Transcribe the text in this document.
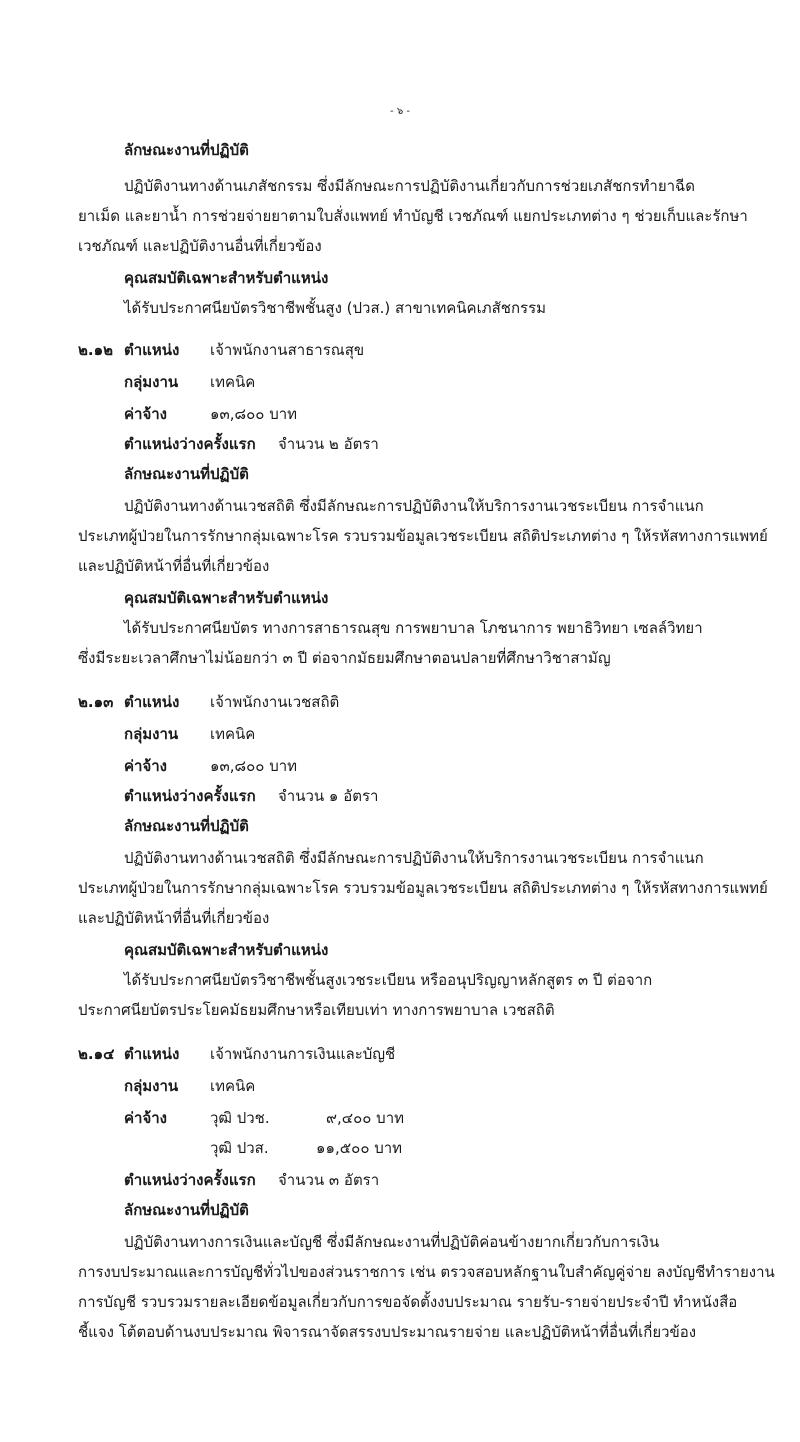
- ๖ -
ลักษณะงานที่ปฏิบัติ
ปฏิบัติงานทางด้านเภสัชกรรม ซึ่งมีลักษณะการปฏิบัติงานเกี่ยวกับการช่วยเภสัชกรทำยาฉีด
ยาเม็ด และยาน้ำ การช่วยจ่ายยาตามใบสั่งแพทย์ ทำบัญชี เวชภัณฑ์ แยกประเภทต่าง ๆ ช่วยเก็บและรักษา
เวชภัณฑ์ และปฏิบัติงานอื่นที่เกี่ยวข้อง
คุณสมบัติเฉพาะสำหรับตำแหน่ง
ได้รับประกาศนียบัตรวิชาชีพชั้นสูง (ปวส.) สาขาเทคนิคเภสัชกรรม
๒.๑๒ ตำแหน่ง เจ้าพนักงานสาธารณสุข
กลุ่มงาน เทคนิค
ค่าจ้าง	๑๓,๘๐๐ บาท
ตำแหน่งว่างครั้งแรก จำนวน ๒ อัตรา
ลักษณะงานที่ปฏิบัติ
ปฏิบัติงานทางด้านเวชสถิติ ซึ่งมีลักษณะการปฏิบัติงานให้บริการงานเวชระเบียน การจำแนก
ประเภทผู้ป่วยในการรักษากลุ่มเฉพาะโรค รวบรวมข้อมูลเวชระเบียน สถิติประเภทต่าง ๆ ให้รหัสทางการแพทย์
และปฏิบัติหน้าที่อื่นที่เกี่ยวข้อง
คุณสมบัติเฉพาะสำหรับตำแหน่ง
ได้รับประกาศนียบัตร ทางการสาธารณสุข การพยาบาล โภชนาการ พยาธิวิทยา เซลล์วิทยา
ซึ่งมีระยะเวลาศึกษาไม่น้อยกว่า ๓ ปี ต่อจากมัธยมศึกษาตอนปลายที่ศึกษาวิชาสามัญ
๒.๑๓ ตำแหน่ง เจ้าพนักงานเวชสถิติ
กลุ่มงาน เทคนิค
ค่าจ้าง	๑๓,๘๐๐ บาท
ตำแหน่งว่างครั้งแรก จำนวน ๑ อัตรา
ลักษณะงานที่ปฏิบัติ
ปฏิบัติงานทางด้านเวชสถิติ ซึ่งมีลักษณะการปฏิบัติงานให้บริการงานเวชระเบียน การจำแนก
ประเภทผู้ป่วยในการรักษากลุ่มเฉพาะโรค รวบรวมข้อมูลเวชระเบียน สถิติประเภทต่าง ๆ ให้รหัสทางการแพทย์
และปฏิบัติหน้าที่อื่นที่เกี่ยวข้อง
คุณสมบัติเฉพาะสำหรับตำแหน่ง
ได้รับประกาศนียบัตรวิชาชีพชั้นสูงเวชระเบียน หรืออนุปริญญาหลักสูตร ๓ ปี ต่อจาก
ประกาศนียบัตรประโยคมัธยมศึกษาหรือเทียบเท่า ทางการพยาบาล เวชสถิติ
๒.๑๔ ตำแหน่ง เจ้าพนักงานการเงินและบัญชี
กลุ่มงาน เทคนิค
ค่าจ้าง	วุฒิ ปวช.	๙,๔๐๐ บาท
วุฒิ ปวส.	๑๑,๕๐๐ บาท
ตำแหน่งว่างครั้งแรก จำนวน ๓ อัตรา
ลักษณะงานที่ปฏิบัติ
ปฏิบัติงานทางการเงินและบัญชี ซึ่งมีลักษณะงานที่ปฏิบัติค่อนข้างยากเกี่ยวกับการเงิน
การงบประมาณและการบัญชีทั่วไปของส่วนราชการ เช่น ตรวจสอบหลักฐานใบสำคัญคู่จ่าย ลงบัญชีทำรายงาน
การบัญชี รวบรวมรายละเอียดข้อมูลเกี่ยวกับการขอจัดตั้งงบประมาณ รายรับ-รายจ่ายประจำปี ทำหนังสือ
ชี้แจง โต้ตอบด้านงบประมาณ พิจารณาจัดสรรงบประมาณรายจ่าย และปฏิบัติหน้าที่อื่นที่เกี่ยวข้อง
